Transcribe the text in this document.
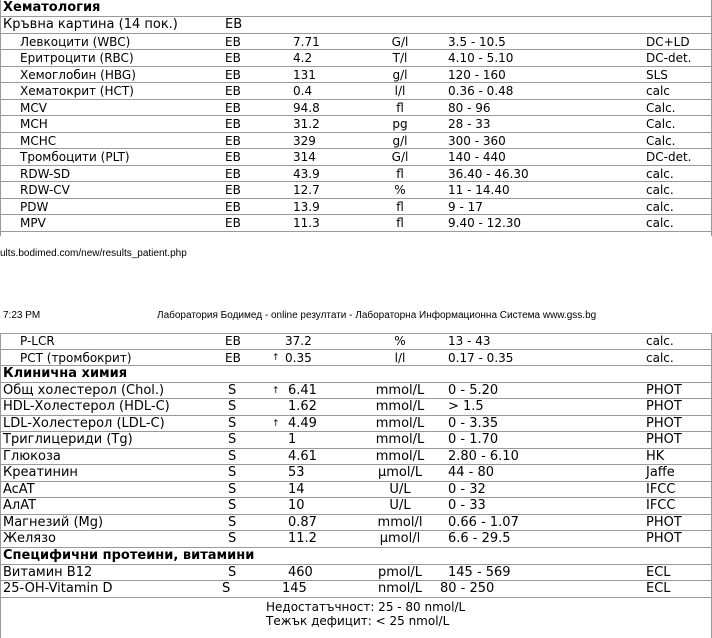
Хематология
Кръвна картина (14 пок.)	ЕВ
Левкоцити (WBC)	ЕВ	7.71	G/l	3.5 - 10.5	DC+LD
Еритроцити (RBC)	ЕВ	4.2	T/l	4.10 - 5.10	DC-det.
Хемоглобин (HBG)	ЕВ	131	g/l	120 - 160	SLS
Хематокрит (HCT)	ЕВ	0.4	l/l	0.36 - 0.48	calc
MCV	ЕВ	94.8	fl	80 - 96	Calc.
MCH	ЕВ	31.2	pg	28 - 33	Calc.
MCHC	ЕВ	329	g/l	300 - 360	Calc.
Тромбоцити (PLT)	ЕВ	314	G/l	140 - 440	DC-det.
RDW-SD	ЕВ	43.9	fl	36.40 - 46.30	calc.
RDW-CV	ЕВ	12.7	%	11 - 14.40	calc.
PDW	ЕВ	13.9	fl	9 - 17	calc.
MPV	ЕВ	11.3	fl	9.40 - 12.30	calc.
ults.bodimed.com/new/results_patient.php
7:23 PM	Лаборатория Бодимед - online резултати - Лабораторна Информационна Система www.gss.bg
P-LCR	ЕВ	37.2	%	13 - 43	calc.
PCT (тромбокрит)	ЕВ	↑ 0.35	l/l	0.17 - 0.35	calc.
Клинична химия
Общ холестерол (Chol.)	S	↑ 6.41	mmol/L 0 - 5.20	PHOT
HDL-Холестерол (HDL-C)	S	1.62	mmol/L > 1.5	PHOT
LDL-Холестерол (LDL-C)	S	↑ 4.49	mmol/L 0 - 3.35	PHOT
Триглицериди (Tg)	S	1	mmol/L 0 - 1.70	PHOT
Глюкоза	S	4.61	mmol/L 2.80 - 6.10	HK
Креатинин	S	53	µmol/L 44 - 80	Jaffe
AcAT	S	14	U/L	0 - 32	IFCC
AлAT	S	10	U/L	0 - 33	IFCC
Магнезий (Mg)	S	0.87	mmol/l 0.66 - 1.07	PHOT
Желязо	S	11.2	µmol/l 6.6 - 29.5	PHOT
Специфични протеини, витамини
Витамин B12	S	460	pmol/L 145 - 569	ECL
25-OH-Vitamin D	S	145	nmol/L 80 - 250	ECL
Недостатъчност: 25 - 80 nmol/L
Тежък дефицит: < 25 nmol/L
